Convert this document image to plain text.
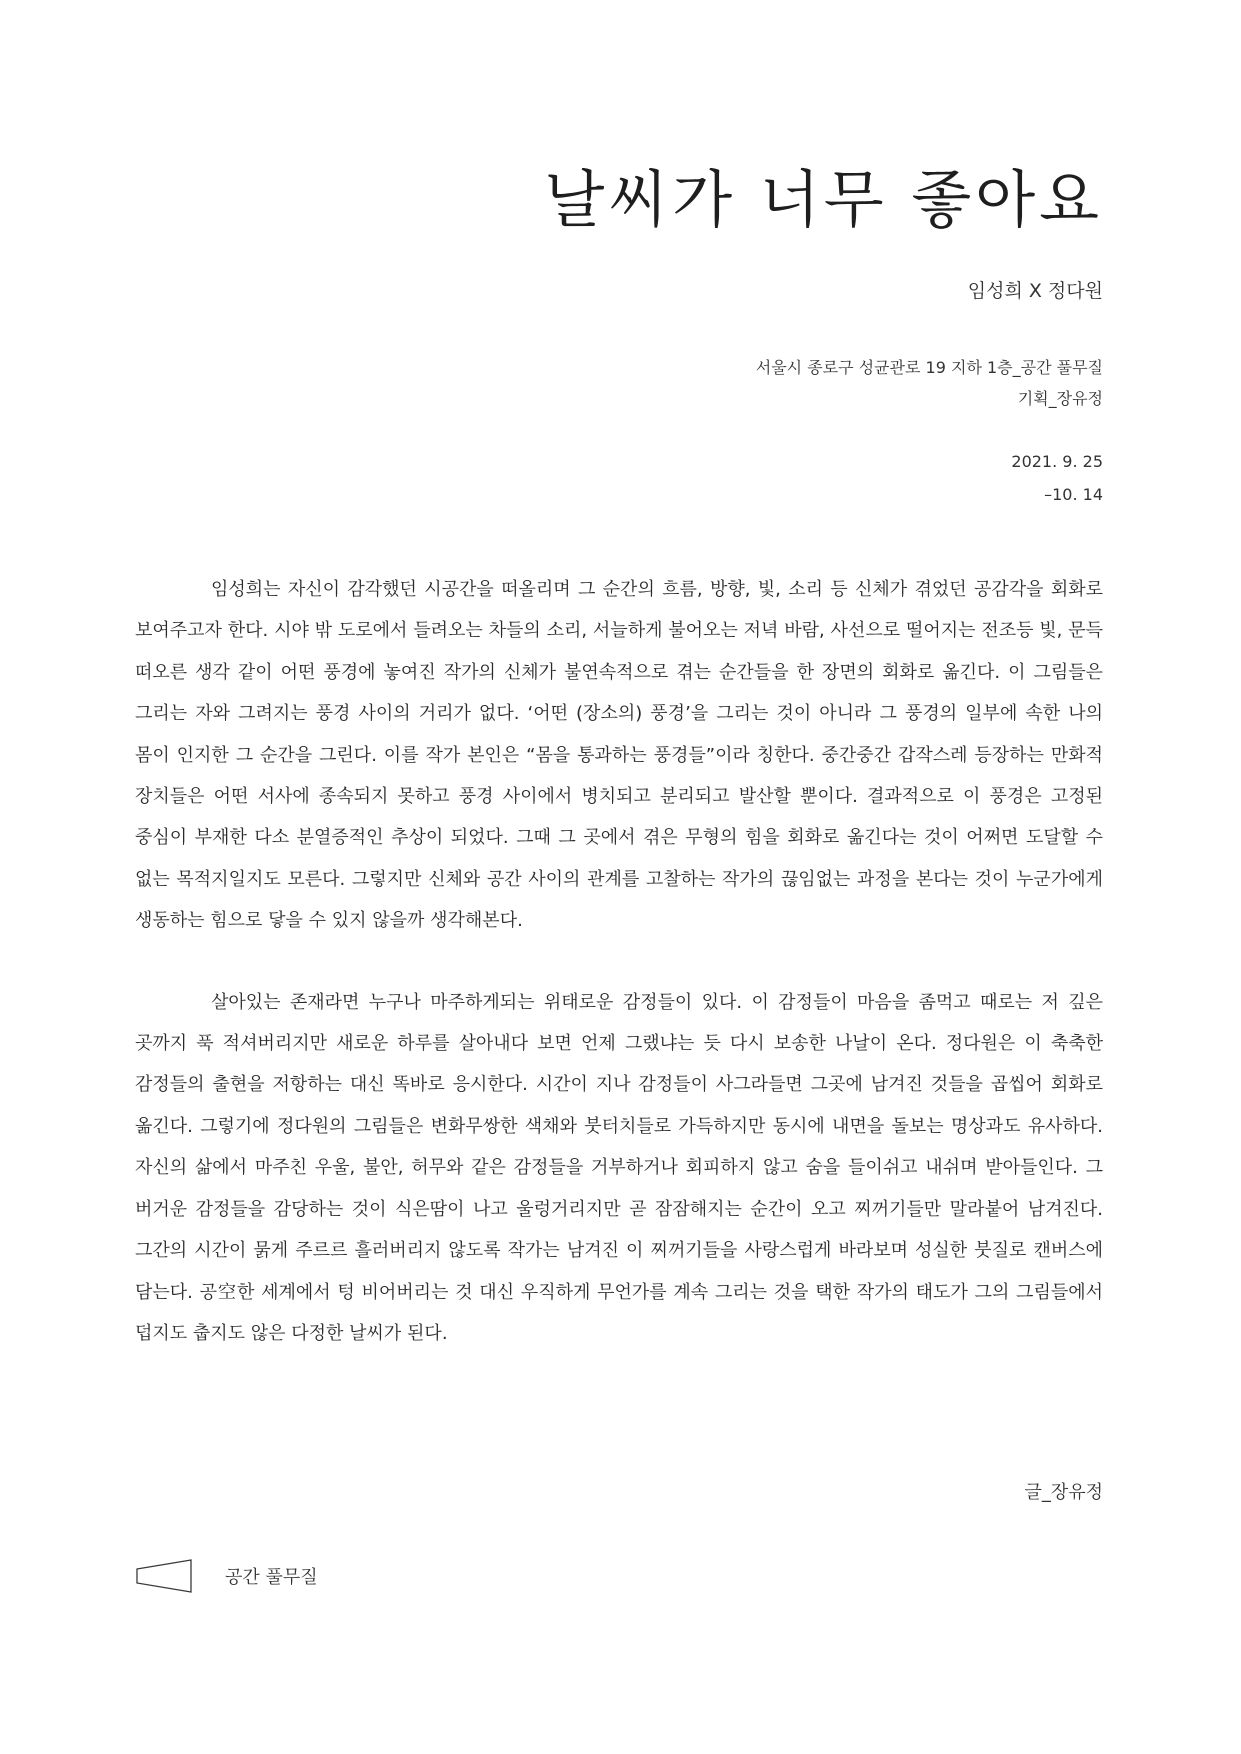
날씨가 너무 좋아요
임성희 X 정다원
서울시 종로구 성균관로 19 지하 1층_공간 풀무질
기획_장유정
2021. 9. 25
–10. 14

임성희는 자신이 감각했던 시공간을 떠올리며 그 순간의 흐름, 방향, 빛, 소리 등 신체가 겪었던 공감각을 회화로 보여주고자 한다. 시야 밖 도로에서 들려오는 차들의 소리, 서늘하게 불어오는 저녁 바람, 사선으로 떨어지는 전조등 빛, 문득 떠오른 생각 같이 어떤 풍경에 놓여진 작가의 신체가 불연속적으로 겪는 순간들을 한 장면의 회화로 옮긴다. 이 그림들은 그리는 자와 그려지는 풍경 사이의 거리가 없다. ‘어떤 (장소의) 풍경’을 그리는 것이 아니라 그 풍경의 일부에 속한 나의 몸이 인지한 그 순간을 그린다. 이를 작가 본인은 “몸을 통과하는 풍경들”이라 칭한다. 중간중간 갑작스레 등장하는 만화적 장치들은 어떤 서사에 종속되지 못하고 풍경 사이에서 병치되고 분리되고 발산할 뿐이다. 결과적으로 이 풍경은 고정된 중심이 부재한 다소 분열증적인 추상이 되었다. 그때 그 곳에서 겪은 무형의 힘을 회화로 옮긴다는 것이 어쩌면 도달할 수 없는 목적지일지도 모른다. 그렇지만 신체와 공간 사이의 관계를 고찰하는 작가의 끊임없는 과정을 본다는 것이 누군가에게 생동하는 힘으로 닿을 수 있지 않을까 생각해본다.

살아있는 존재라면 누구나 마주하게되는 위태로운 감정들이 있다. 이 감정들이 마음을 좀먹고 때로는 저 깊은 곳까지 푹 적셔버리지만 새로운 하루를 살아내다 보면 언제 그랬냐는 듯 다시 보송한 나날이 온다. 정다원은 이 축축한 감정들의 출현을 저항하는 대신 똑바로 응시한다. 시간이 지나 감정들이 사그라들면 그곳에 남겨진 것들을 곱씹어 회화로 옮긴다. 그렇기에 정다원의 그림들은 변화무쌍한 색채와 붓터치들로 가득하지만 동시에 내면을 돌보는 명상과도 유사하다. 자신의 삶에서 마주친 우울, 불안, 허무와 같은 감정들을 거부하거나 회피하지 않고 숨을 들이쉬고 내쉬며 받아들인다. 그 버거운 감정들을 감당하는 것이 식은땀이 나고 울렁거리지만 곧 잠잠해지는 순간이 오고 찌꺼기들만 말라붙어 남겨진다. 그간의 시간이 묽게 주르르 흘러버리지 않도록 작가는 남겨진 이 찌꺼기들을 사랑스럽게 바라보며 성실한 붓질로 캔버스에 담는다. 공空한 세계에서 텅 비어버리는 것 대신 우직하게 무언가를 계속 그리는 것을 택한 작가의 태도가 그의 그림들에서 덥지도 춥지도 않은 다정한 날씨가 된다.

글_장유정
공간 풀무질
